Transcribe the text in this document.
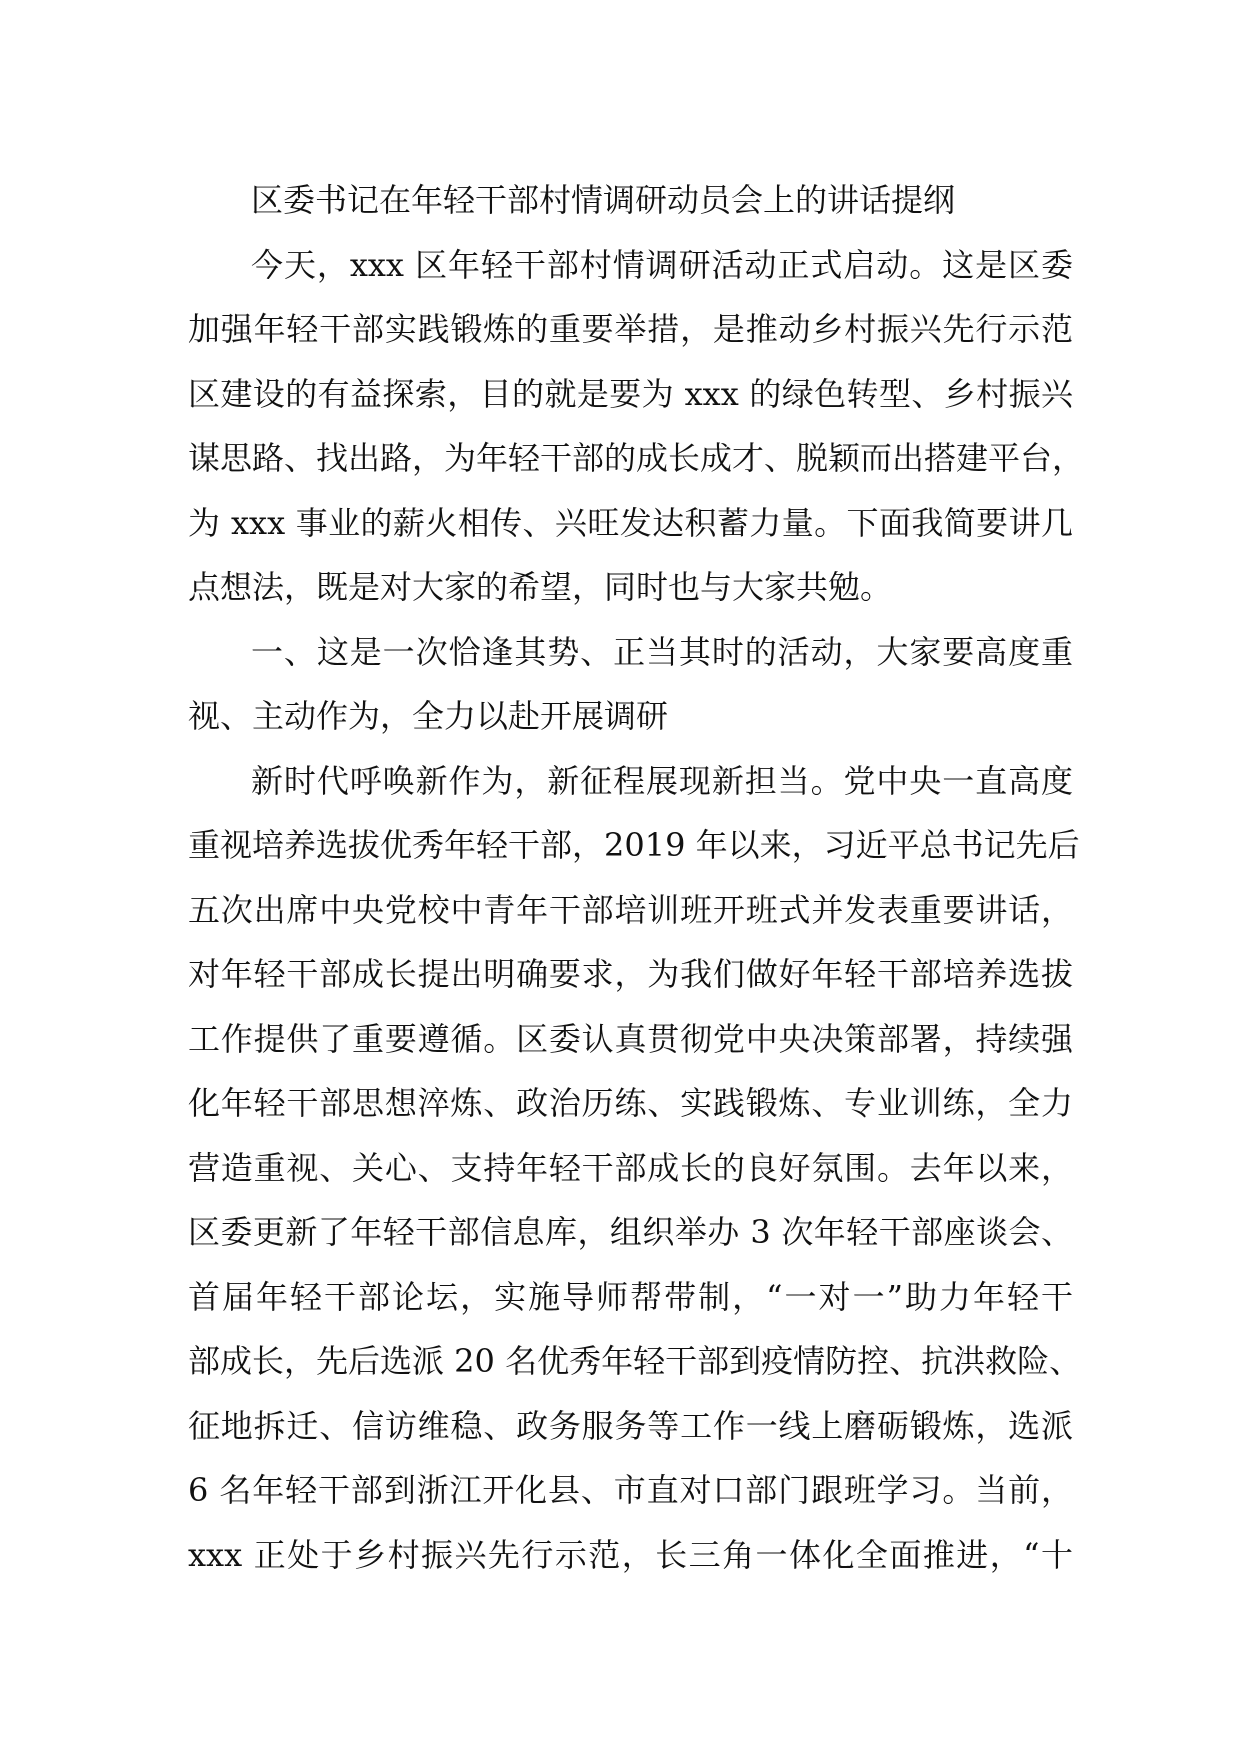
区委书记在年轻干部村情调研动员会上的讲话提纲
今天，xxx 区年轻干部村情调研活动正式启动。这是区委
加强年轻干部实践锻炼的重要举措，是推动乡村振兴先行示范
区建设的有益探索，目的就是要为 xxx 的绿色转型、乡村振兴
谋思路、找出路，为年轻干部的成长成才、脱颖而出搭建平台，
为 xxx 事业的薪火相传、兴旺发达积蓄力量。下面我简要讲几
点想法，既是对大家的希望，同时也与大家共勉。
一、这是一次恰逢其势、正当其时的活动，大家要高度重
视、主动作为，全力以赴开展调研
新时代呼唤新作为，新征程展现新担当。党中央一直高度
重视培养选拔优秀年轻干部，2019 年以来，习近平总书记先后
五次出席中央党校中青年干部培训班开班式并发表重要讲话，
对年轻干部成长提出明确要求，为我们做好年轻干部培养选拔
工作提供了重要遵循。区委认真贯彻党中央决策部署，持续强
化年轻干部思想淬炼、政治历练、实践锻炼、专业训练，全力
营造重视、关心、支持年轻干部成长的良好氛围。去年以来，
区委更新了年轻干部信息库，组织举办 3 次年轻干部座谈会、
首届年轻干部论坛，实施导师帮带制，“一对一”助力年轻干
部成长，先后选派 20 名优秀年轻干部到疫情防控、抗洪救险、
征地拆迁、信访维稳、政务服务等工作一线上磨砺锻炼，选派
6 名年轻干部到浙江开化县、市直对口部门跟班学习。当前，
xxx 正处于乡村振兴先行示范，长三角一体化全面推进，“十
